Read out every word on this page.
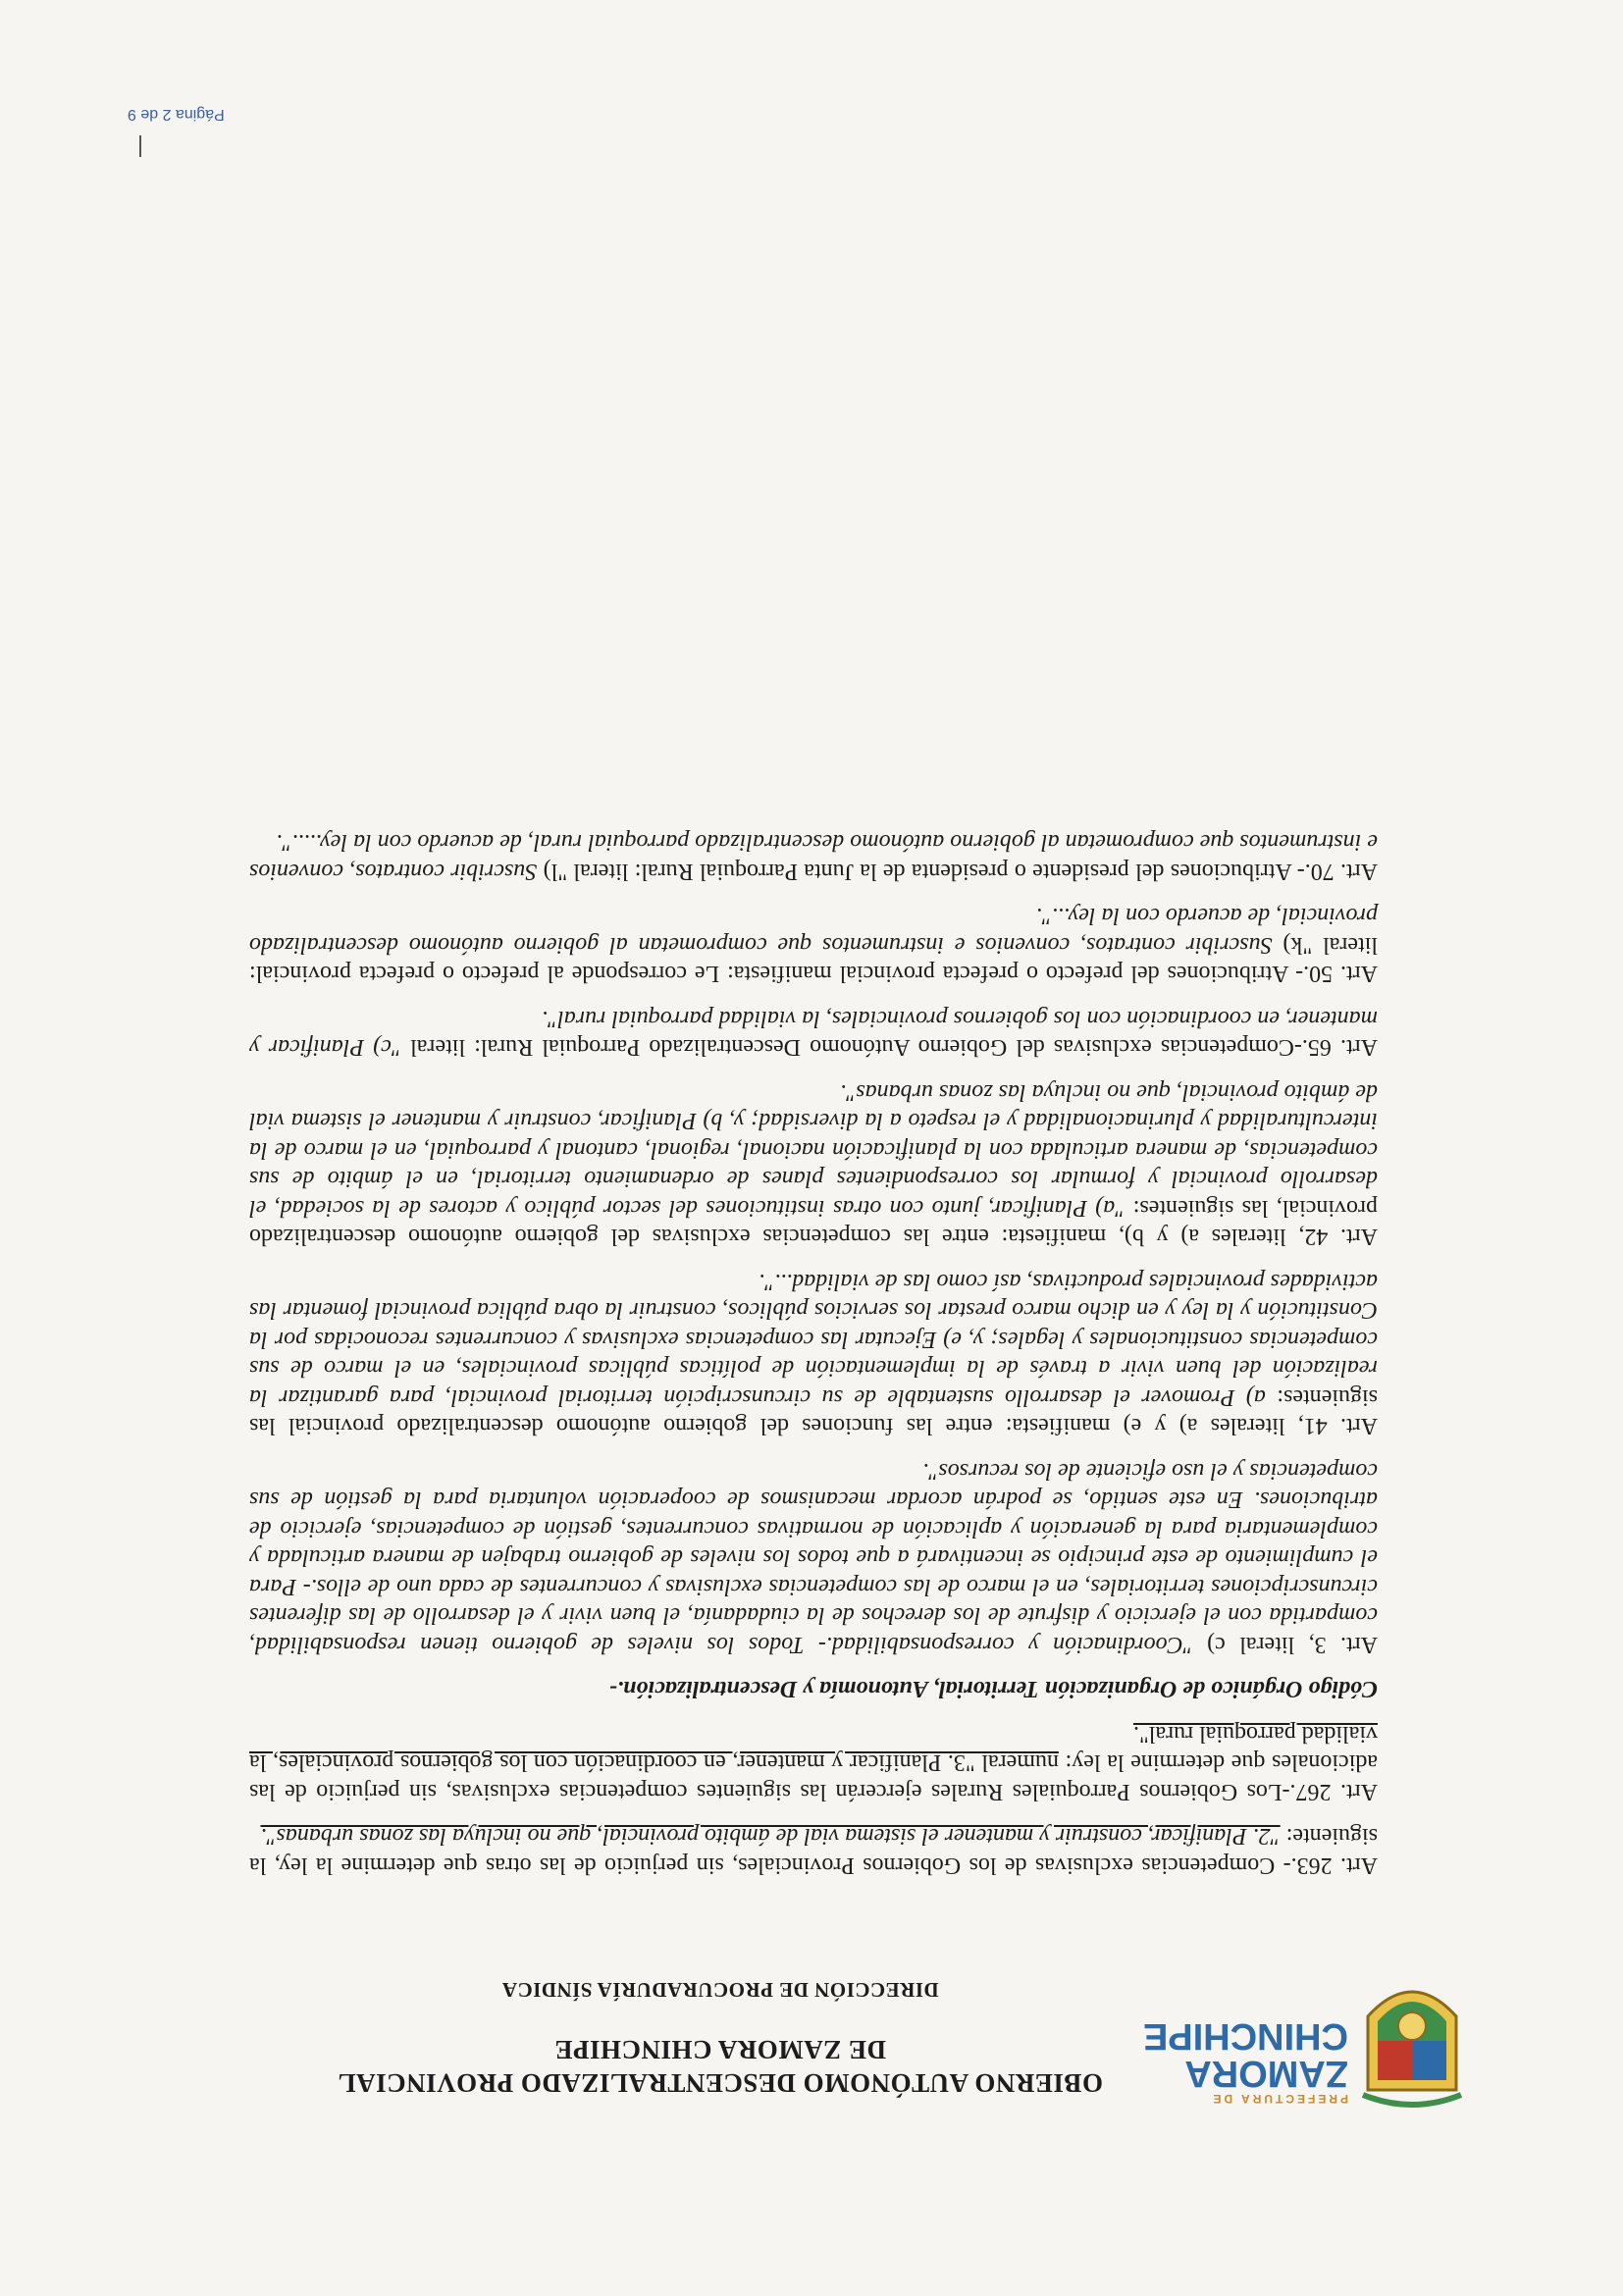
PREFECTURA DE
ZAMORA
CHINCHIPE
OBIERNO AUTÓNOMO DESCENTRALIZADO PROVINCIAL
DE ZAMORA CHINCHIPE
DIRECCIÓN DE PROCURADURÍA SÍNDICA

Art. 263.- Competencias exclusivas de los Gobiernos Provinciales, sin perjuicio de las otras que determine la ley, la siguiente: "2. Planificar, construir y mantener el sistema vial de ámbito provincial, que no incluya las zonas urbanas".

Art. 267.-Los Gobiernos Parroquiales Rurales ejercerán las siguientes competencias exclusivas, sin perjuicio de las adicionales que determine la ley: numeral "3. Planificar y mantener, en coordinación con los gobiernos provinciales, la vialidad parroquial rural".

Código Orgánico de Organización Territorial, Autonomía y Descentralización.-

Art. 3, literal c) "Coordinación y corresponsabilidad.- Todos los niveles de gobierno tienen responsabilidad, compartida con el ejercicio y disfrute de los derechos de la ciudadanía, el buen vivir y el desarrollo de las diferentes circunscripciones territoriales, en el marco de las competencias exclusivas y concurrentes de cada uno de ellos.- Para el cumplimiento de este principio se incentivará a que todos los niveles de gobierno trabajen de manera articulada y complementaria para la generación y aplicación de normativas concurrentes, gestión de competencias, ejercicio de atribuciones. En este sentido, se podrán acordar mecanismos de cooperación voluntaria para la gestión de sus competencias y el uso eficiente de los recursos".

Art. 41, literales a) y e) manifiesta: entre las funciones del gobierno autónomo descentralizado provincial las siguientes: a) Promover el desarrollo sustentable de su circunscripción territorial provincial, para garantizar la realización del buen vivir a través de la implementación de políticas públicas provinciales, en el marco de sus competencias constitucionales y legales; y, e) Ejecutar las competencias exclusivas y concurrentes reconocidas por la Constitución y la ley y en dicho marco prestar los servicios públicos, construir la obra pública provincial fomentar las actividades provinciales productivas, así como las de vialidad...".

Art. 42, literales a) y b), manifiesta: entre las competencias exclusivas del gobierno autónomo descentralizado provincial, las siguientes: "a) Planificar, junto con otras instituciones del sector público y actores de la sociedad, el desarrollo provincial y formular los correspondientes planes de ordenamiento territorial, en el ámbito de sus competencias, de manera articulada con la planificación nacional, regional, cantonal y parroquial, en el marco de la interculturalidad y plurinacionalidad y el respeto a la diversidad; y, b) Planificar, construir y mantener el sistema vial de ámbito provincial, que no incluya las zonas urbanas".

Art. 65.-Competencias exclusivas del Gobierno Autónomo Descentralizado Parroquial Rural: literal "c) Planificar y mantener, en coordinación con los gobiernos provinciales, la vialidad parroquial rural".

Art. 50.- Atribuciones del prefecto o prefecta provincial manifiesta: Le corresponde al prefecto o prefecta provincial: literal "k) Suscribir contratos, convenios e instrumentos que comprometan al gobierno autónomo descentralizado provincial, de acuerdo con la ley...".

Art. 70.- Atribuciones del presidente o presidenta de la Junta Parroquial Rural: literal "l) Suscribir contratos, convenios e instrumentos que comprometan al gobierno autónomo descentralizado parroquial rural, de acuerdo con la ley.....".

Página 2 de 9
